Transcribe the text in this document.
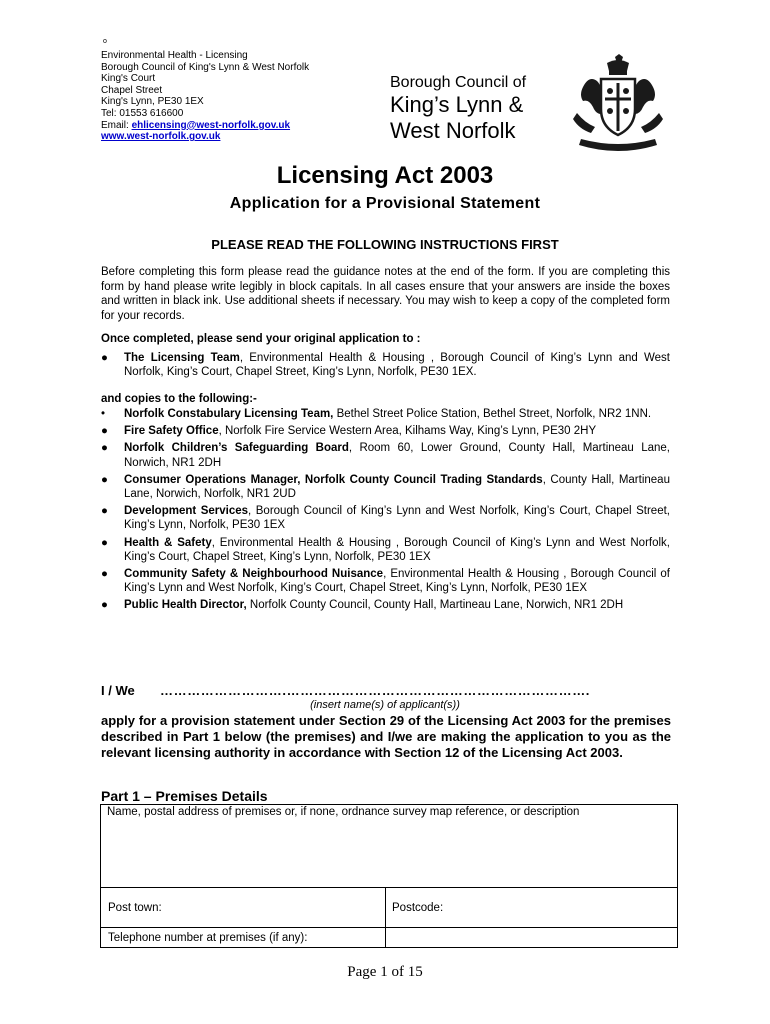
o
Environmental Health - Licensing
Borough Council of King's Lynn & West Norfolk
King's Court
Chapel Street
King's Lynn, PE30 1EX
Tel: 01553 616600
Email: ehlicensing@west-norfolk.gov.uk
www.west-norfolk.gov.uk
Borough Council of
King’s Lynn &
West Norfolk
Licensing Act 2003
Application for a Provisional Statement
PLEASE READ THE FOLLOWING INSTRUCTIONS FIRST
Before completing this form please read the guidance notes at the end of the form. If you are completing this form by hand please write legibly in block capitals. In all cases ensure that your answers are inside the boxes and written in black ink. Use additional sheets if necessary. You may wish to keep a copy of the completed form for your records.
Once completed, please send your original application to :
● The Licensing Team, Environmental Health & Housing , Borough Council of King’s Lynn and West Norfolk, King’s Court, Chapel Street, King’s Lynn, Norfolk, PE30 1EX.
and copies to the following:-
• Norfolk Constabulary Licensing Team, Bethel Street Police Station, Bethel Street, Norfolk, NR2 1NN.
● Fire Safety Office, Norfolk Fire Service Western Area, Kilhams Way, King’s Lynn, PE30 2HY
● Norfolk Children’s Safeguarding Board, Room 60, Lower Ground, County Hall, Martineau Lane, Norwich, NR1 2DH
● Consumer Operations Manager, Norfolk County Council Trading Standards, County Hall, Martineau Lane, Norwich, Norfolk, NR1 2UD
● Development Services, Borough Council of King’s Lynn and West Norfolk, King’s Court, Chapel Street, King’s Lynn, Norfolk, PE30 1EX
● Health & Safety, Environmental Health & Housing , Borough Council of King’s Lynn and West Norfolk, King’s Court, Chapel Street, King’s Lynn, Norfolk, PE30 1EX
● Community Safety & Neighbourhood Nuisance, Environmental Health & Housing , Borough Council of King’s Lynn and West Norfolk, King’s Court, Chapel Street, King’s Lynn, Norfolk, PE30 1EX
● Public Health Director, Norfolk County Council, County Hall, Martineau Lane, Norwich, NR1 2DH
I / We ……………………….………………………………………………………….
(insert name(s) of applicant(s))
apply for a provision statement under Section 29 of the Licensing Act 2003 for the premises described in Part 1 below (the premises) and I/we are making the application to you as the relevant licensing authority in accordance with Section 12 of the Licensing Act 2003.
Part 1 – Premises Details
Name, postal address of premises or, if none, ordnance survey map reference, or description
Post town:	Postcode:
Telephone number at premises (if any):
Page 1 of 15
